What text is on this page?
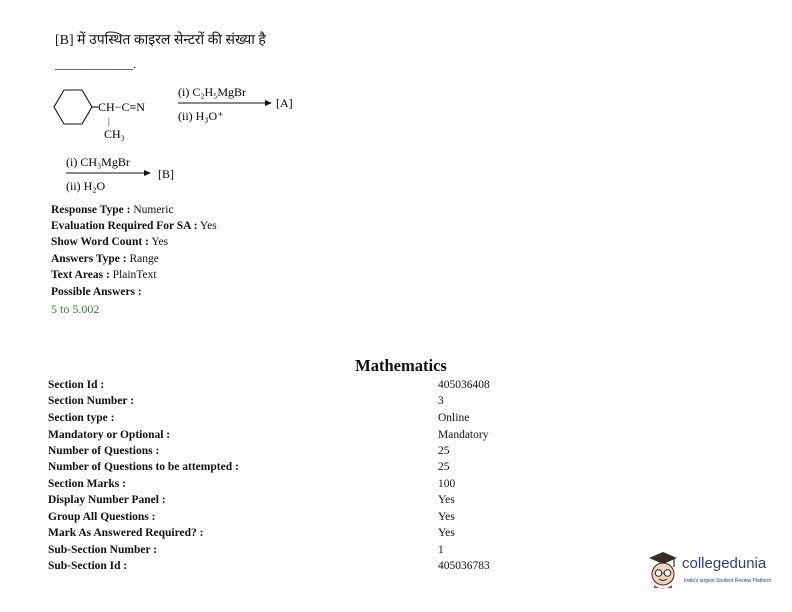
[B] में उपस्थित काइरल सेन्टरों की संख्या है
____________.
CH−C≡N
|
CH₃
(i) C₂H₅MgBr
[A]
(ii) H₃O⁺
(i) CH₃MgBr
[B]
(ii) H₂O
Response Type : Numeric
Evaluation Required For SA : Yes
Show Word Count : Yes
Answers Type : Range
Text Areas : PlainText
Possible Answers :
5 to 5.002
Mathematics
Section Id :	405036408
Section Number :	3
Section type :	Online
Mandatory or Optional :	Mandatory
Number of Questions :	25
Number of Questions to be attempted :	25
Section Marks :	100
Display Number Panel :	Yes
Group All Questions :	Yes
Mark As Answered Required? :	Yes
Sub-Section Number :	1
Sub-Section Id :	405036783	collegedunia
India's largest Student Review Platform
